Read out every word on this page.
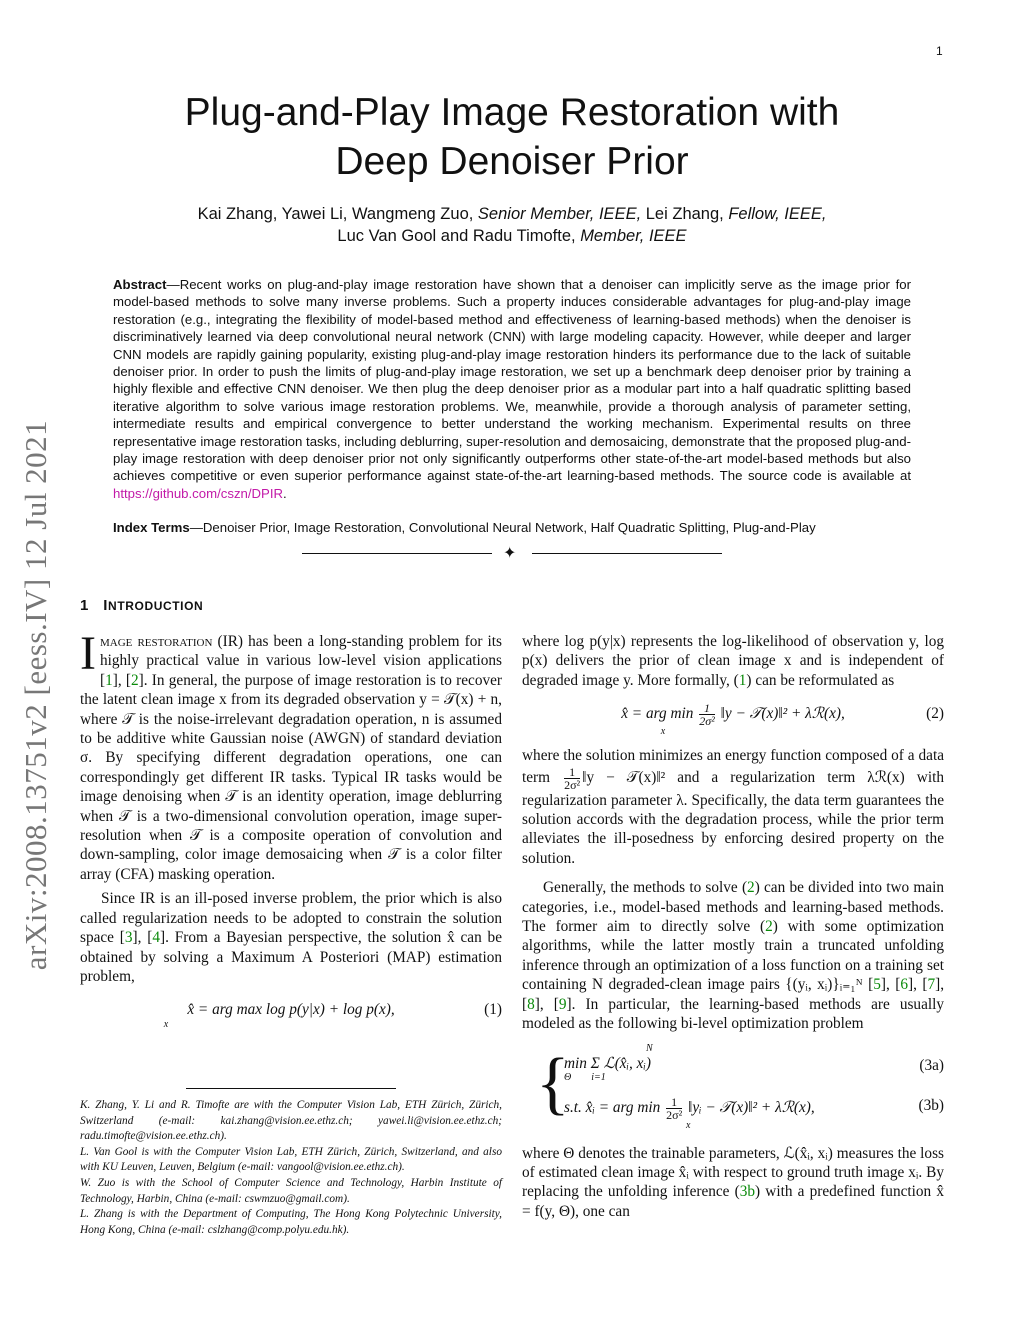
1
Plug-and-Play Image Restoration with
Deep Denoiser Prior
Kai Zhang, Yawei Li, Wangmeng Zuo, Senior Member, IEEE, Lei Zhang, Fellow, IEEE,
Luc Van Gool and Radu Timofte, Member, IEEE
Abstract—Recent works on plug-and-play image restoration have shown that a denoiser can implicitly serve as the image prior for model-based methods to solve many inverse problems. Such a property induces considerable advantages for plug-and-play image restoration (e.g., integrating the flexibility of model-based method and effectiveness of learning-based methods) when the denoiser is discriminatively learned via deep convolutional neural network (CNN) with large modeling capacity. However, while deeper and larger CNN models are rapidly gaining popularity, existing plug-and-play image restoration hinders its performance due to the lack of suitable denoiser prior. In order to push the limits of plug-and-play image restoration, we set up a benchmark deep denoiser prior by training a highly flexible and effective CNN denoiser. We then plug the deep denoiser prior as a modular part into a half quadratic splitting based iterative algorithm to solve various image restoration problems. We, meanwhile, provide a thorough analysis of parameter setting, intermediate results and empirical convergence to better understand the working mechanism. Experimental results on three representative image restoration tasks, including deblurring, super-resolution and demosaicing, demonstrate that the proposed plug-and-play image restoration with deep denoiser prior not only significantly outperforms other state-of-the-art model-based methods but also achieves competitive or even superior performance against state-of-the-art learning-based methods. The source code is available at https://github.com/cszn/DPIR.
Index Terms—Denoiser Prior, Image Restoration, Convolutional Neural Network, Half Quadratic Splitting, Plug-and-Play
✦
arXiv:2008.13751v2 [eess.IV] 12 Jul 2021 1 INTRODUCTION

Image restoration (IR) has been a long-standing problem for its highly practical value in various low-level vision applications [1], [2]. In general, the purpose of image restoration is to recover the latent clean image x from its degraded observation y = 𝒯(x) + n, where 𝒯 is the noise-irrelevant degradation operation, n is assumed to be additive white Gaussian noise (AWGN) of standard deviation σ. By specifying different degradation operations, one can correspondingly get different IR tasks. Typical IR tasks would be image denoising when 𝒯 is an identity operation, image deblurring when 𝒯 is a two-dimensional convolution operation, image super-resolution when 𝒯 is a composite operation of convolution and down-sampling, color image demosaicing when 𝒯 is a color filter array (CFA) masking operation.

Since IR is an ill-posed inverse problem, the prior which is also called regularization needs to be adopted to constrain the solution space [3], [4]. From a Bayesian perspective, the solution x̂ can be obtained by solving a Maximum A Posteriori (MAP) estimation problem,

x̂ = arg max log p(y|x) + log p(x),
x
(1)

K. Zhang, Y. Li and R. Timofte are with the Computer Vision Lab, ETH Zürich, Zürich, Switzerland (e-mail: kai.zhang@vision.ee.ethz.ch; yawei.li@vision.ee.ethz.ch; radu.timofte@vision.ee.ethz.ch).

L. Van Gool is with the Computer Vision Lab, ETH Zürich, Zürich, Switzerland, and also with KU Leuven, Leuven, Belgium (e-mail: vangool@vision.ee.ethz.ch).

W. Zuo is with the School of Computer Science and Technology, Harbin Institute of Technology, Harbin, China (e-mail: cswmzuo@gmail.com).

L. Zhang is with the Department of Computing, The Hong Kong Polytechnic University, Hong Kong, China (e-mail: cslzhang@comp.polyu.edu.hk).

where log p(y|x) represents the log-likelihood of observation y, log p(x) delivers the prior of clean image x and is independent of degraded image y. More formally, (1) can be reformulated as

x̂ = arg $\min \frac{1}{\text{2σ²}}$ ‖y − 𝒯(x)‖² + λℛ(x),
x
(2)

where the solution minimizes an energy function composed of a data term $\frac{1}{\text{2σ²}}$ ‖y − 𝒯(x)‖² and a regularization term λℛ(x) with regularization parameter λ. Specifically, the data term guarantees the solution accords with the degradation process, while the prior term alleviates the ill-posedness by enforcing desired property on the solution.

Generally, the methods to solve (2) can be divided into two main categories, i.e., model-based methods and learning-based methods. The former aim to directly solve (2) with some optimization algorithms, while the latter mostly train a truncated unfolding inference through an optimization of a loss function on a training set containing N degraded-clean image pairs {(yᵢ, xᵢ)}ᵢ₌₁ᴺ [5], [6], [7], [8], [9]. In particular, the learning-based methods are usually modeled as the following bi-level optimization problem

{	N
min Σ ℒ(x̂ᵢ, xᵢ)
Θ        i=1
(3a)
s.t. x̂ᵢ = arg $\min \frac{1}{\text{2σ²}}$ ‖yᵢ − 𝒯(x)‖² + λℛ(x),
x
(3b)

where Θ denotes the trainable parameters, ℒ(x̂ᵢ, xᵢ) measures the loss of estimated clean image x̂ᵢ with respect to ground truth image xᵢ. By replacing the unfolding inference (3b) with a predefined function x̂ = f(y, Θ), one can
